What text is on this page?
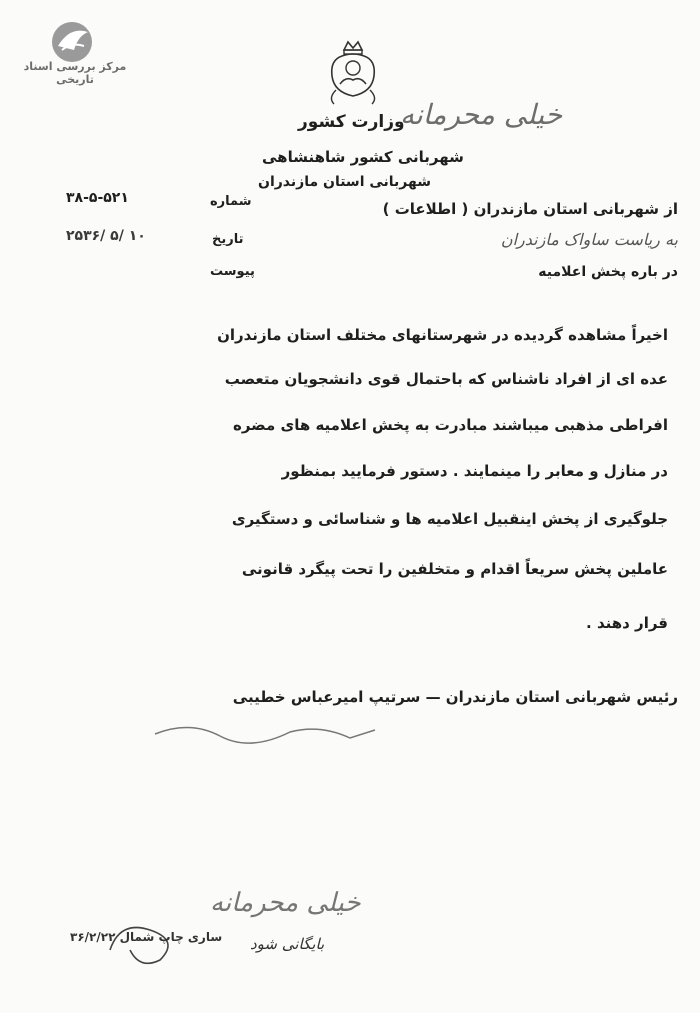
مرکز بررسی اسناد تاریخی
خیلی محرمانه
وزارت کشور
شهربانی کشور شاهنشاهی
شهربانی استان مازندران
۳۸-۵-۵۲۱
۲۵۳۶/ ۵/ ۱۰
شماره
تاریخ
پیوست
از شهربانی استان مازندران ( اطلاعات )
به ریاست ساواک مازندران
در باره پخش اعلامیه
اخیراً مشاهده گردیده در شهرستانهای مختلف استان مازندران
عده ای از افراد ناشناس که باحتمال قوی دانشجویان متعصب
افراطی مذهبی میباشند مبادرت به پخش اعلامیه های مضره
در منازل و معابر را مینمایند . دستور فرمایید بمنظور
جلوگیری از پخش اینقبیل اعلامیه ها و شناسائی و دستگیری
عاملین پخش سریعاً اقدام و متخلفین را تحت پیگرد قانونی
قرار دهند .
رئیس شهربانی استان مازندران — سرتیپ امیرعباس خطیبی
خیلی محرمانه
۳۶/۲/۲۲ ساری چاپ شمال بایگانی شود
